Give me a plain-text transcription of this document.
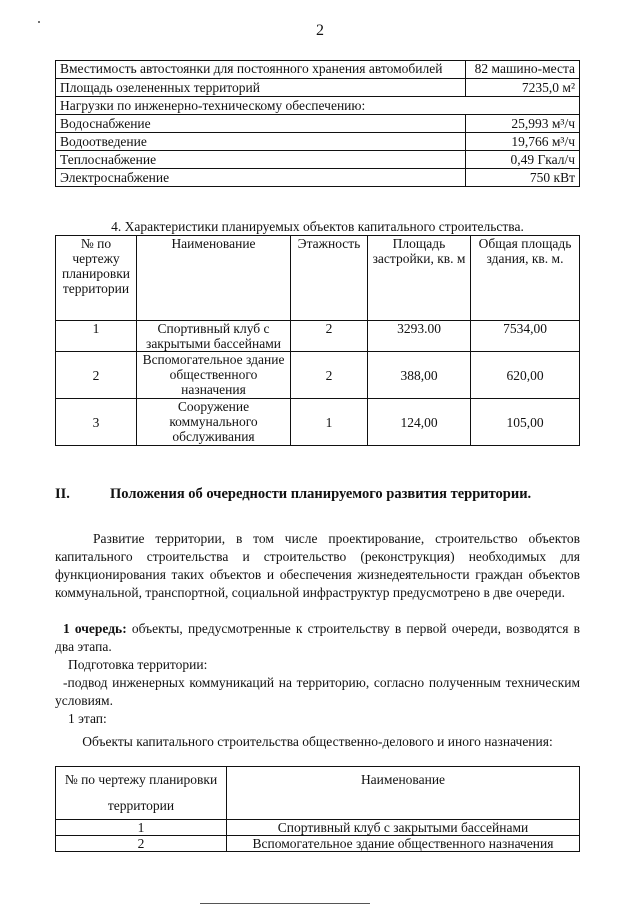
2
Вместимость автостоянки для постоянного хранения автомобилей	82 машино-места
Площадь озелененных территорий	7235,0 м²
Нагрузки по инженерно-техническому обеспечению:	
Водоснабжение	25,993 м³/ч
Водоотведение	19,766 м³/ч
Теплоснабжение	0,49 Гкал/ч
Электроснабжение	750 кВт
4. Характеристики планируемых объектов капитального строительства.
№ по чертежу планировки территории	Наименование	Этажность	Площадь застройки, кв. м	Общая площадь здания, кв. м.
1	Спортивный клуб с закрытыми бассейнами	2	3293.00	7534,00
2	Вспомогательное здание общественного назначения	2	388,00	620,00
3	Сооружение коммунального обслуживания	1	124,00	105,00
II.	Положения об очередности планируемого развития территории.
Развитие территории, в том числе проектирование, строительство объектов капитального строительства и строительство (реконструкция) необходимых для функционирования таких объектов и обеспечения жизнедеятельности граждан объектов коммунальной, транспортной, социальной инфраструктур предусмотрено в две очереди.
1 очередь: объекты, предусмотренные к строительству в первой очереди, возводятся в два этапа.
Подготовка территории:
-подвод инженерных коммуникаций на территорию, согласно полученным техническим условиям.
1 этап:
Объекты капитального строительства общественно-делового и иного назначения:
№ по чертежу планировки территории	Наименование
1	Спортивный клуб с закрытыми бассейнами
2	Вспомогательное здание общественного назначения
